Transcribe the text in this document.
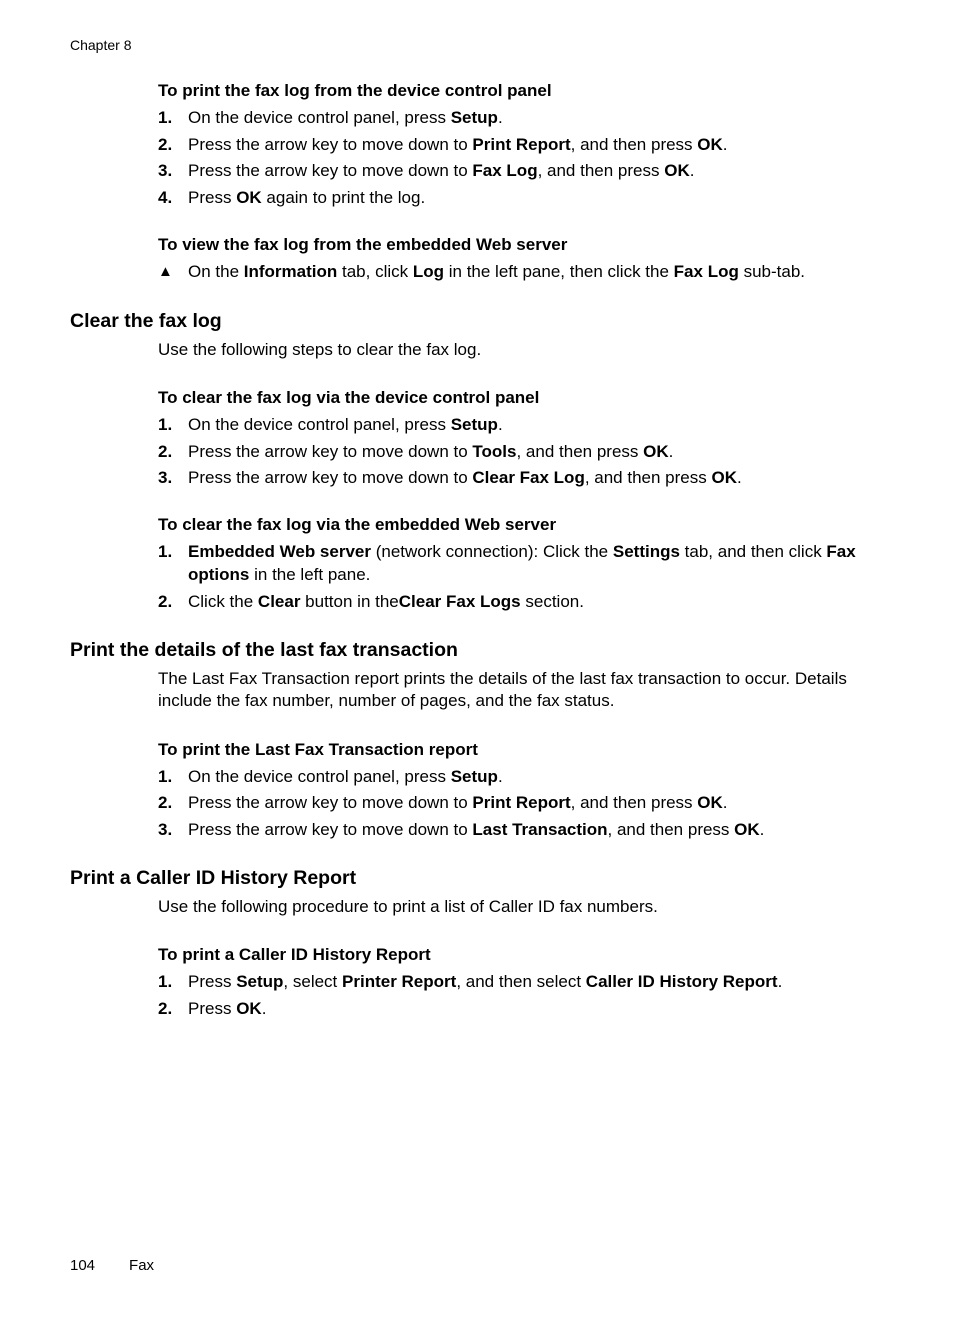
Chapter 8
To print the fax log from the device control panel
1. On the device control panel, press Setup.
2. Press the arrow key to move down to Print Report, and then press OK.
3. Press the arrow key to move down to Fax Log, and then press OK.
4. Press OK again to print the log.
To view the fax log from the embedded Web server
▲ On the Information tab, click Log in the left pane, then click the Fax Log sub-tab.
Clear the fax log
Use the following steps to clear the fax log.
To clear the fax log via the device control panel
1. On the device control panel, press Setup.
2. Press the arrow key to move down to Tools, and then press OK.
3. Press the arrow key to move down to Clear Fax Log, and then press OK.
To clear the fax log via the embedded Web server
1. Embedded Web server (network connection): Click the Settings tab, and then click Fax options in the left pane.
2. Click the Clear button in theClear Fax Logs section.
Print the details of the last fax transaction
The Last Fax Transaction report prints the details of the last fax transaction to occur. Details include the fax number, number of pages, and the fax status.
To print the Last Fax Transaction report
1. On the device control panel, press Setup.
2. Press the arrow key to move down to Print Report, and then press OK.
3. Press the arrow key to move down to Last Transaction, and then press OK.
Print a Caller ID History Report
Use the following procedure to print a list of Caller ID fax numbers.
To print a Caller ID History Report
1. Press Setup, select Printer Report, and then select Caller ID History Report.
2. Press OK.
104 Fax
